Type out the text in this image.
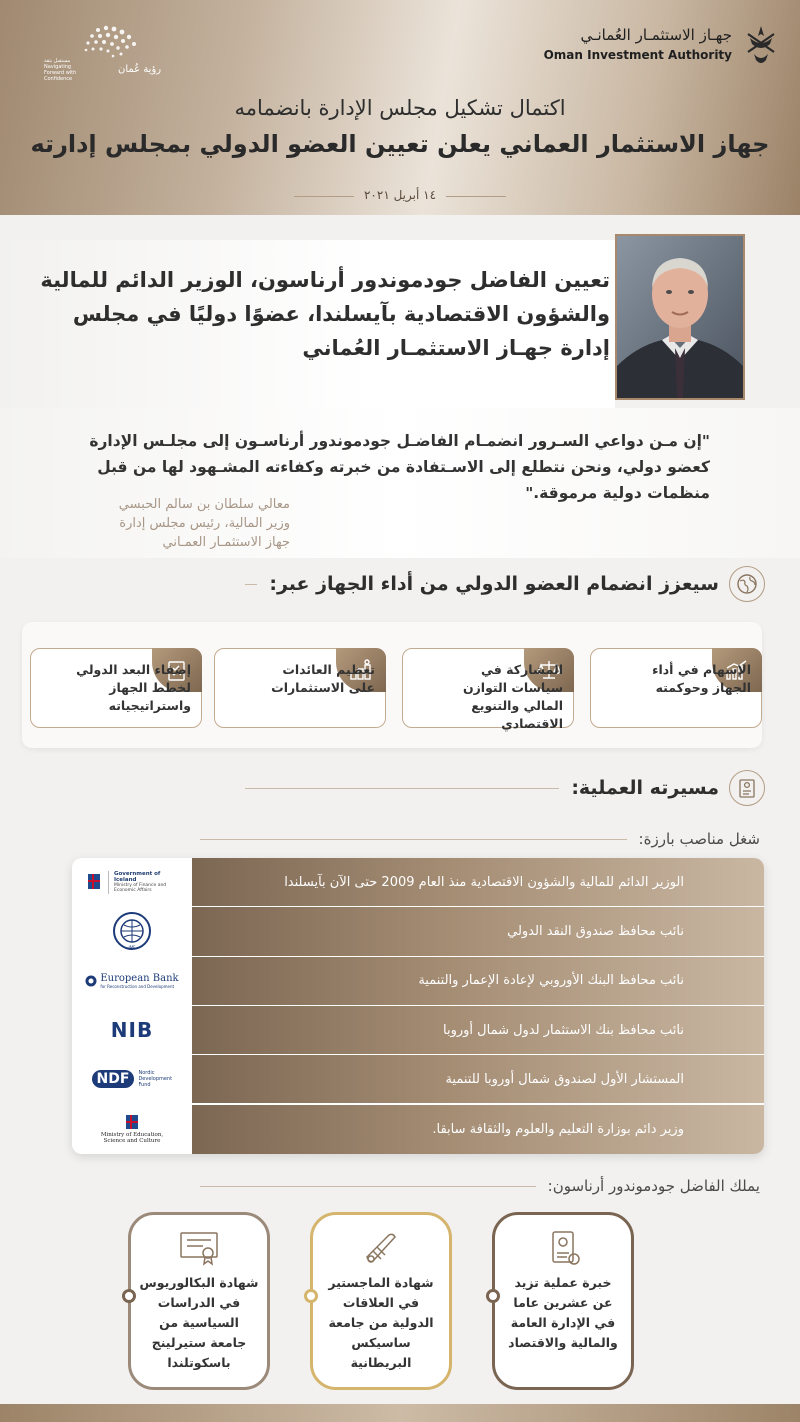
جهـاز الاستثمـار العُمانـي
Oman Investment Authority
مستقبل بثقة Navigating Forward with Confidence
رؤية عُمان
اكتمال تشكيل مجلس الإدارة بانضمامه
جهاز الاستثمار العماني يعلن تعيين العضو الدولي بمجلس إدارته
١٤ أبريل ٢٠٢١
تعيين الفاضل جودموندور أرناسون، الوزير الدائم للمالية والشؤون الاقتصادية بآيسلندا، عضوًا دوليًا في مجلس إدارة جهـاز الاستثمـار العُماني
"إن مـن دواعي السـرور انضمـام الفاضـل جودموندور أرناسـون إلى مجلـس الإدارة كعضو دولي، ونحن نتطلع إلى الاسـتفادة من خبرته وكفاءته المشـهود لها من قبل منظمات دولية مرموقة."
معالي سلطان بن سالم الحبسي
وزير المالية، رئيس مجلس إدارة
جهاز الاستثمـار العمـاني
سيعزز انضمام العضو الدولي من أداء الجهاز عبر:
الإسهام في أداء الجهاز وحوكمته
المشاركة في سياسات التوازن المالي والتنويع الاقتصادي
تعظيم العائدات على الاستثمارات
إضفاء البعد الدولي لخطط الجهاز واستراتيجياته
مسيرته العملية:
شغل مناصب بارزة:
Government of Iceland
Ministry of Finance and Economic Affairs
الوزير الدائم للمالية والشؤون الاقتصادية منذ العام 2009 حتى الآن بآيسلندا
IMF
نائب محافظ صندوق النقد الدولي
European Bank
for Reconstruction and Development	نائب محافظ البنك الأوروبي لإعادة الإعمار والتنمية
NIB	نائب محافظ بنك الاستثمار لدول شمال أوروبا
NDF	Nordic Development Fund	المستشار الأول لصندوق شمال أوروبا للتنمية
Ministry of Education,
Science and Culture
وزير دائم بوزارة التعليم والعلوم والثقافة سابقا.
يملك الفاضل جودموندور أرناسون:
خبرة عملية تزيد عن عشرين عاما في الإدارة العامة والمالية والاقتصاد
شهادة الماجستير في العلاقات الدولية من جامعة ساسيكس البريطانية
شهادة البكالوريوس في الدراسات السياسية من جامعة ستيرلينج باسكوتلندا
